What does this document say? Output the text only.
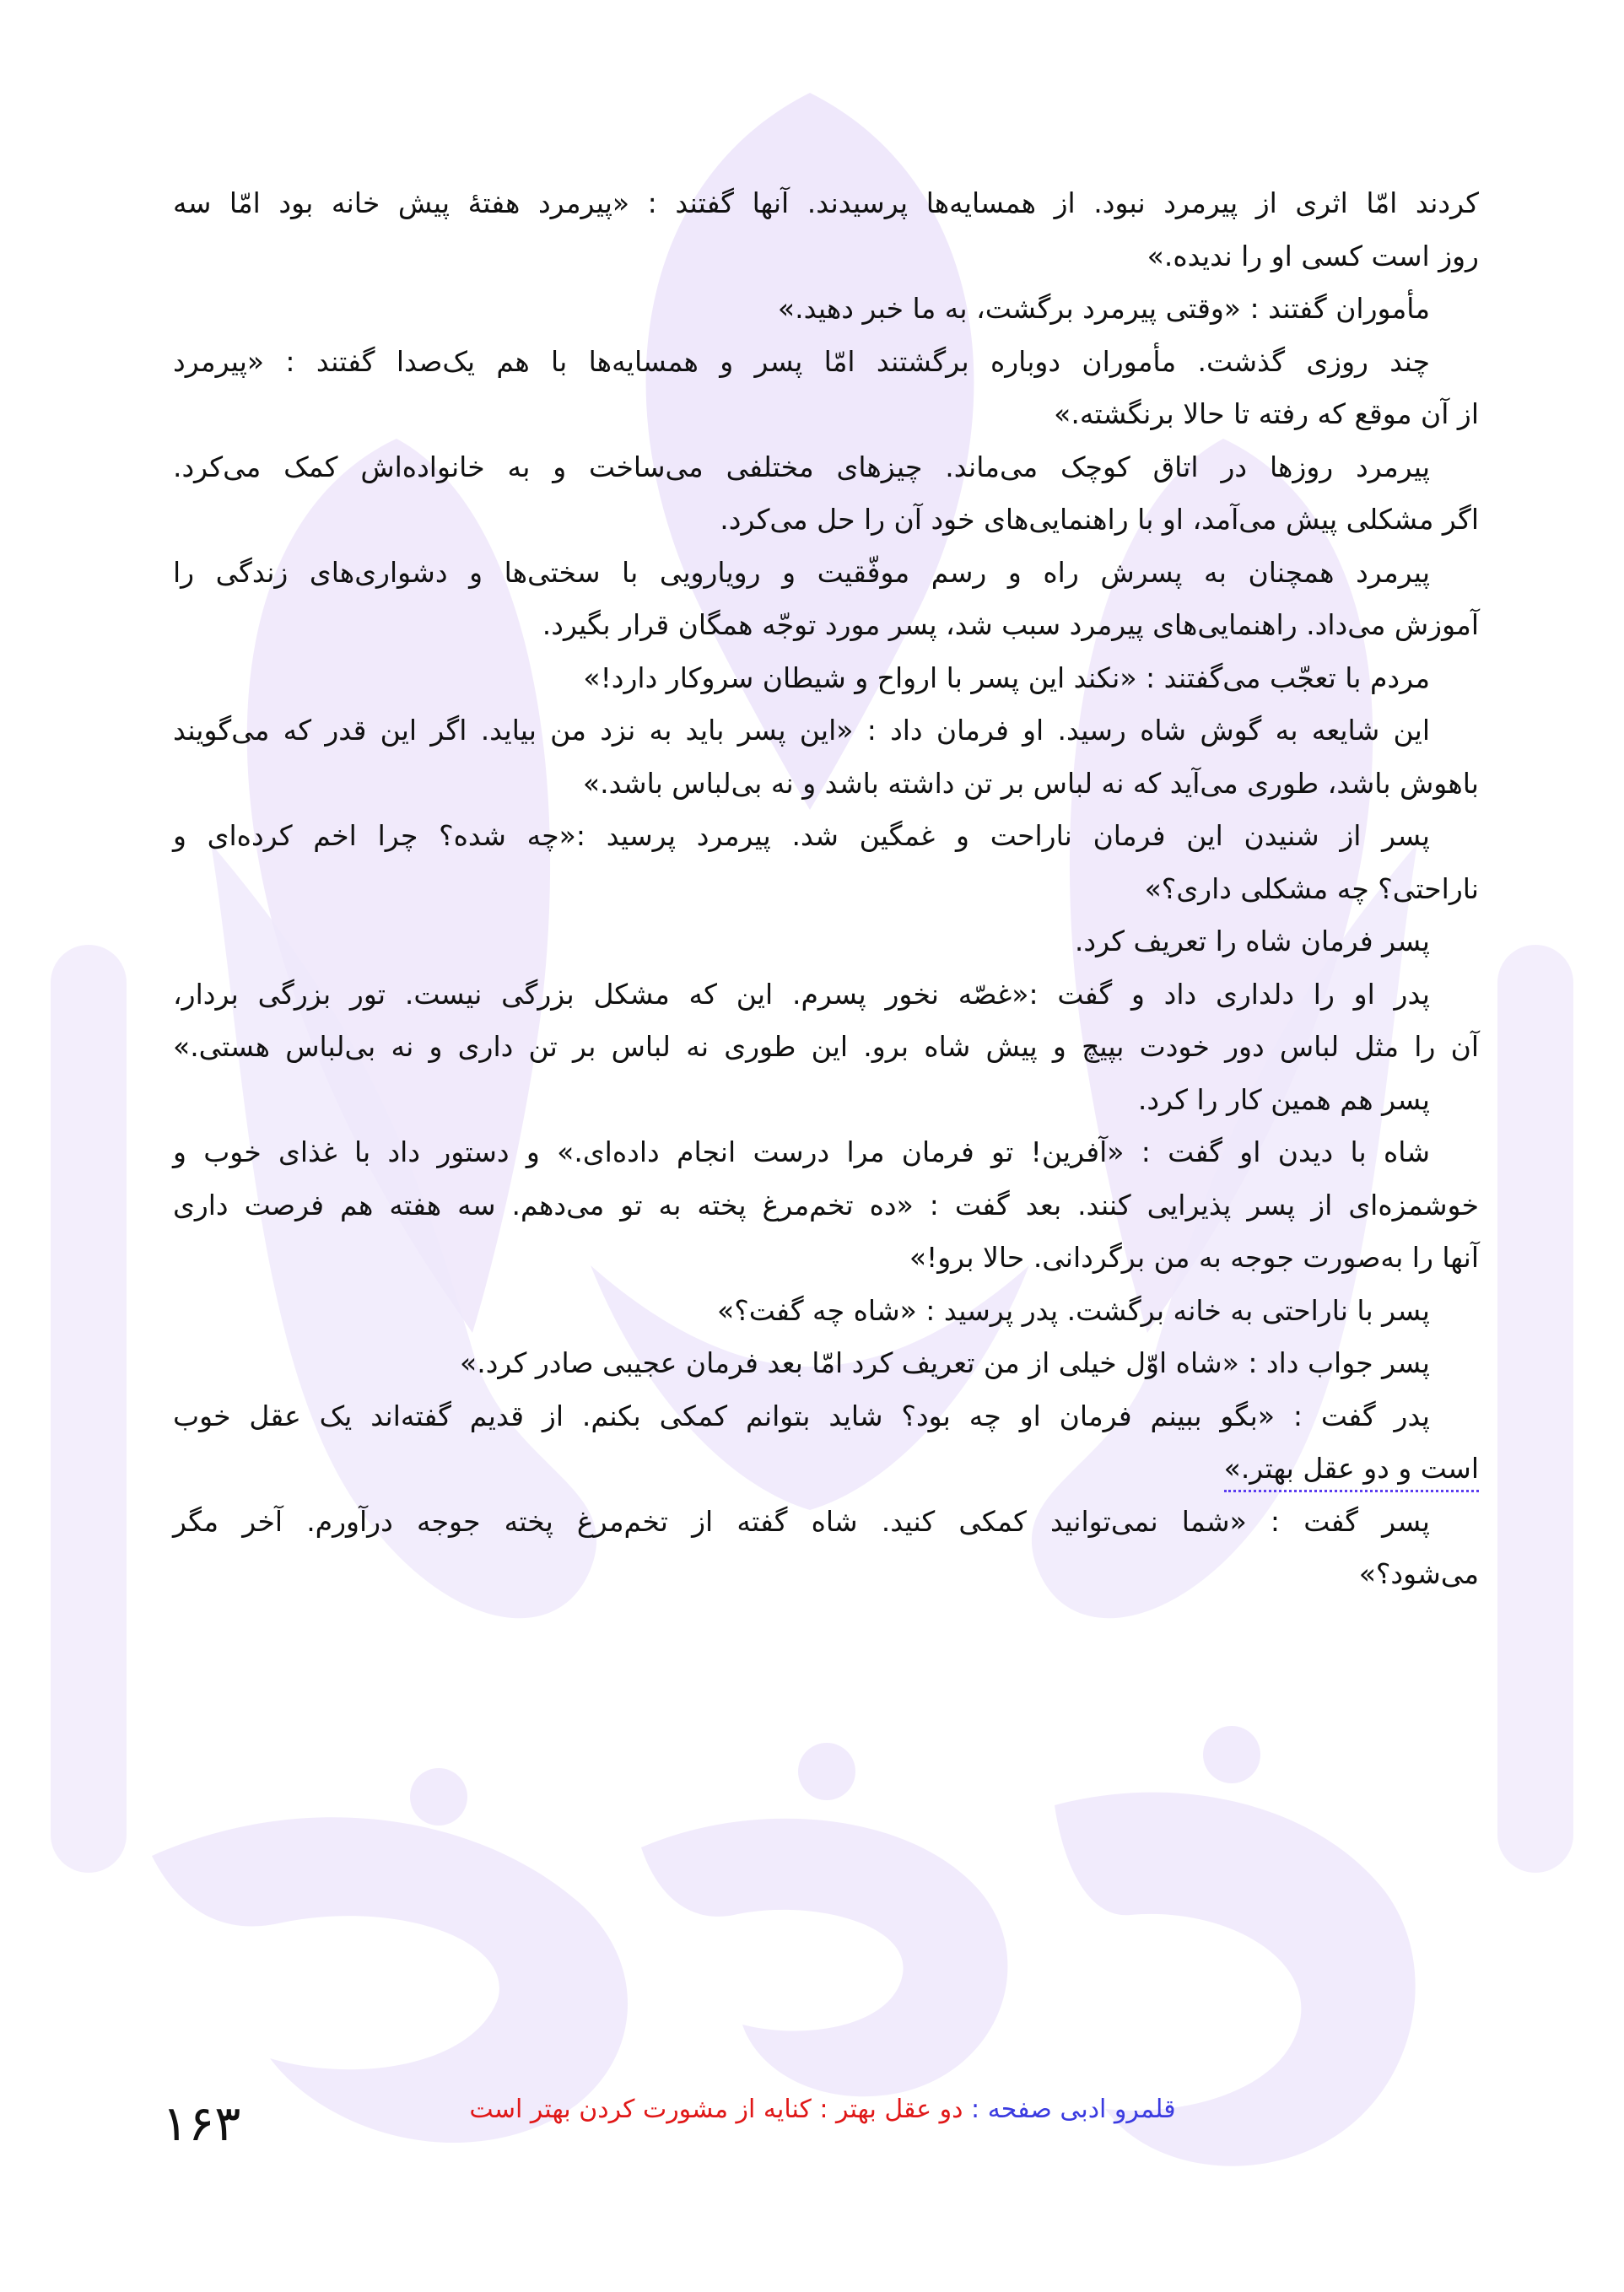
کردند امّا اثری از پیرمرد نبود. از همسایه‌ها پرسیدند. آنها گفتند : «پیرمرد هفتهٔ پیش خانه بود امّا سه
روز است کسی او را ندیده.»
مأموران گفتند : «وقتی پیرمرد برگشت، به ما خبر دهید.»
چند روزی گذشت. مأموران دوباره برگشتند امّا پسر و همسایه‌ها با هم یک‌صدا گفتند : «پیرمرد
از آن موقع که رفته تا حالا برنگشته.»
پیرمرد روزها در اتاق کوچک می‌ماند. چیزهای مختلفی می‌ساخت و به خانواده‌اش کمک می‌کرد.
اگر مشکلی پیش می‌آمد، او با راهنمایی‌های خود آن را حل می‌کرد.
پیرمرد همچنان به پسرش راه و رسم موفّقیت و رویارویی با سختی‌ها و دشواری‌های زندگی را
آموزش می‌داد. راهنمایی‌های پیرمرد سبب شد، پسر مورد توجّه همگان قرار بگیرد.
مردم با تعجّب می‌گفتند : «نکند این پسر با ارواح و شیطان سروکار دارد!»
این شایعه به گوش شاه رسید. او فرمان داد : «این پسر باید به نزد من بیاید. اگر این قدر که می‌گویند
باهوش باشد، طوری می‌آید که نه لباس بر تن داشته باشد و نه بی‌لباس باشد.»
پسر از شنیدن این فرمان ناراحت و غمگین شد. پیرمرد پرسید :«چه شده؟ چرا اخم کرده‌ای و
ناراحتی؟ چه مشکلی داری؟»
پسر فرمان شاه را تعریف کرد.
پدر او را دلداری داد و گفت :«غصّه نخور پسرم. این که مشکل بزرگی نیست. تور بزرگی بردار،
آن را مثل لباس دور خودت بپیچ و پیش شاه برو. این طوری نه لباس بر تن داری و نه بی‌لباس هستی.»
پسر هم همین کار را کرد.
شاه با دیدن او گفت : «آفرین! تو فرمان مرا درست انجام داده‌ای.» و دستور داد با غذای خوب و
خوشمزه‌ای از پسر پذیرایی کنند. بعد گفت : «ده تخم‌مرغ پخته به تو می‌دهم. سه هفته هم فرصت داری
آنها را به‌صورت جوجه به من برگردانی. حالا برو!»
پسر با ناراحتی به خانه برگشت. پدر پرسید : «شاه چه گفت؟»
پسر جواب داد : «شاه اوّل خیلی از من تعریف کرد امّا بعد فرمان عجیبی صادر کرد.»
پدر گفت : «بگو ببینم فرمان او چه بود؟ شاید بتوانم کمکی بکنم. از قدیم گفته‌اند یک عقل خوب
است و دو عقل بهتر.»
پسر گفت : «شما نمی‌توانید کمکی کنید. شاه گفته از تخم‌مرغ پخته جوجه درآورم. آخر مگر
می‌شود؟»
۱۶۳	قلمرو ادبی صفحه : دو عقل بهتر : کنایه از مشورت کردن بهتر است
